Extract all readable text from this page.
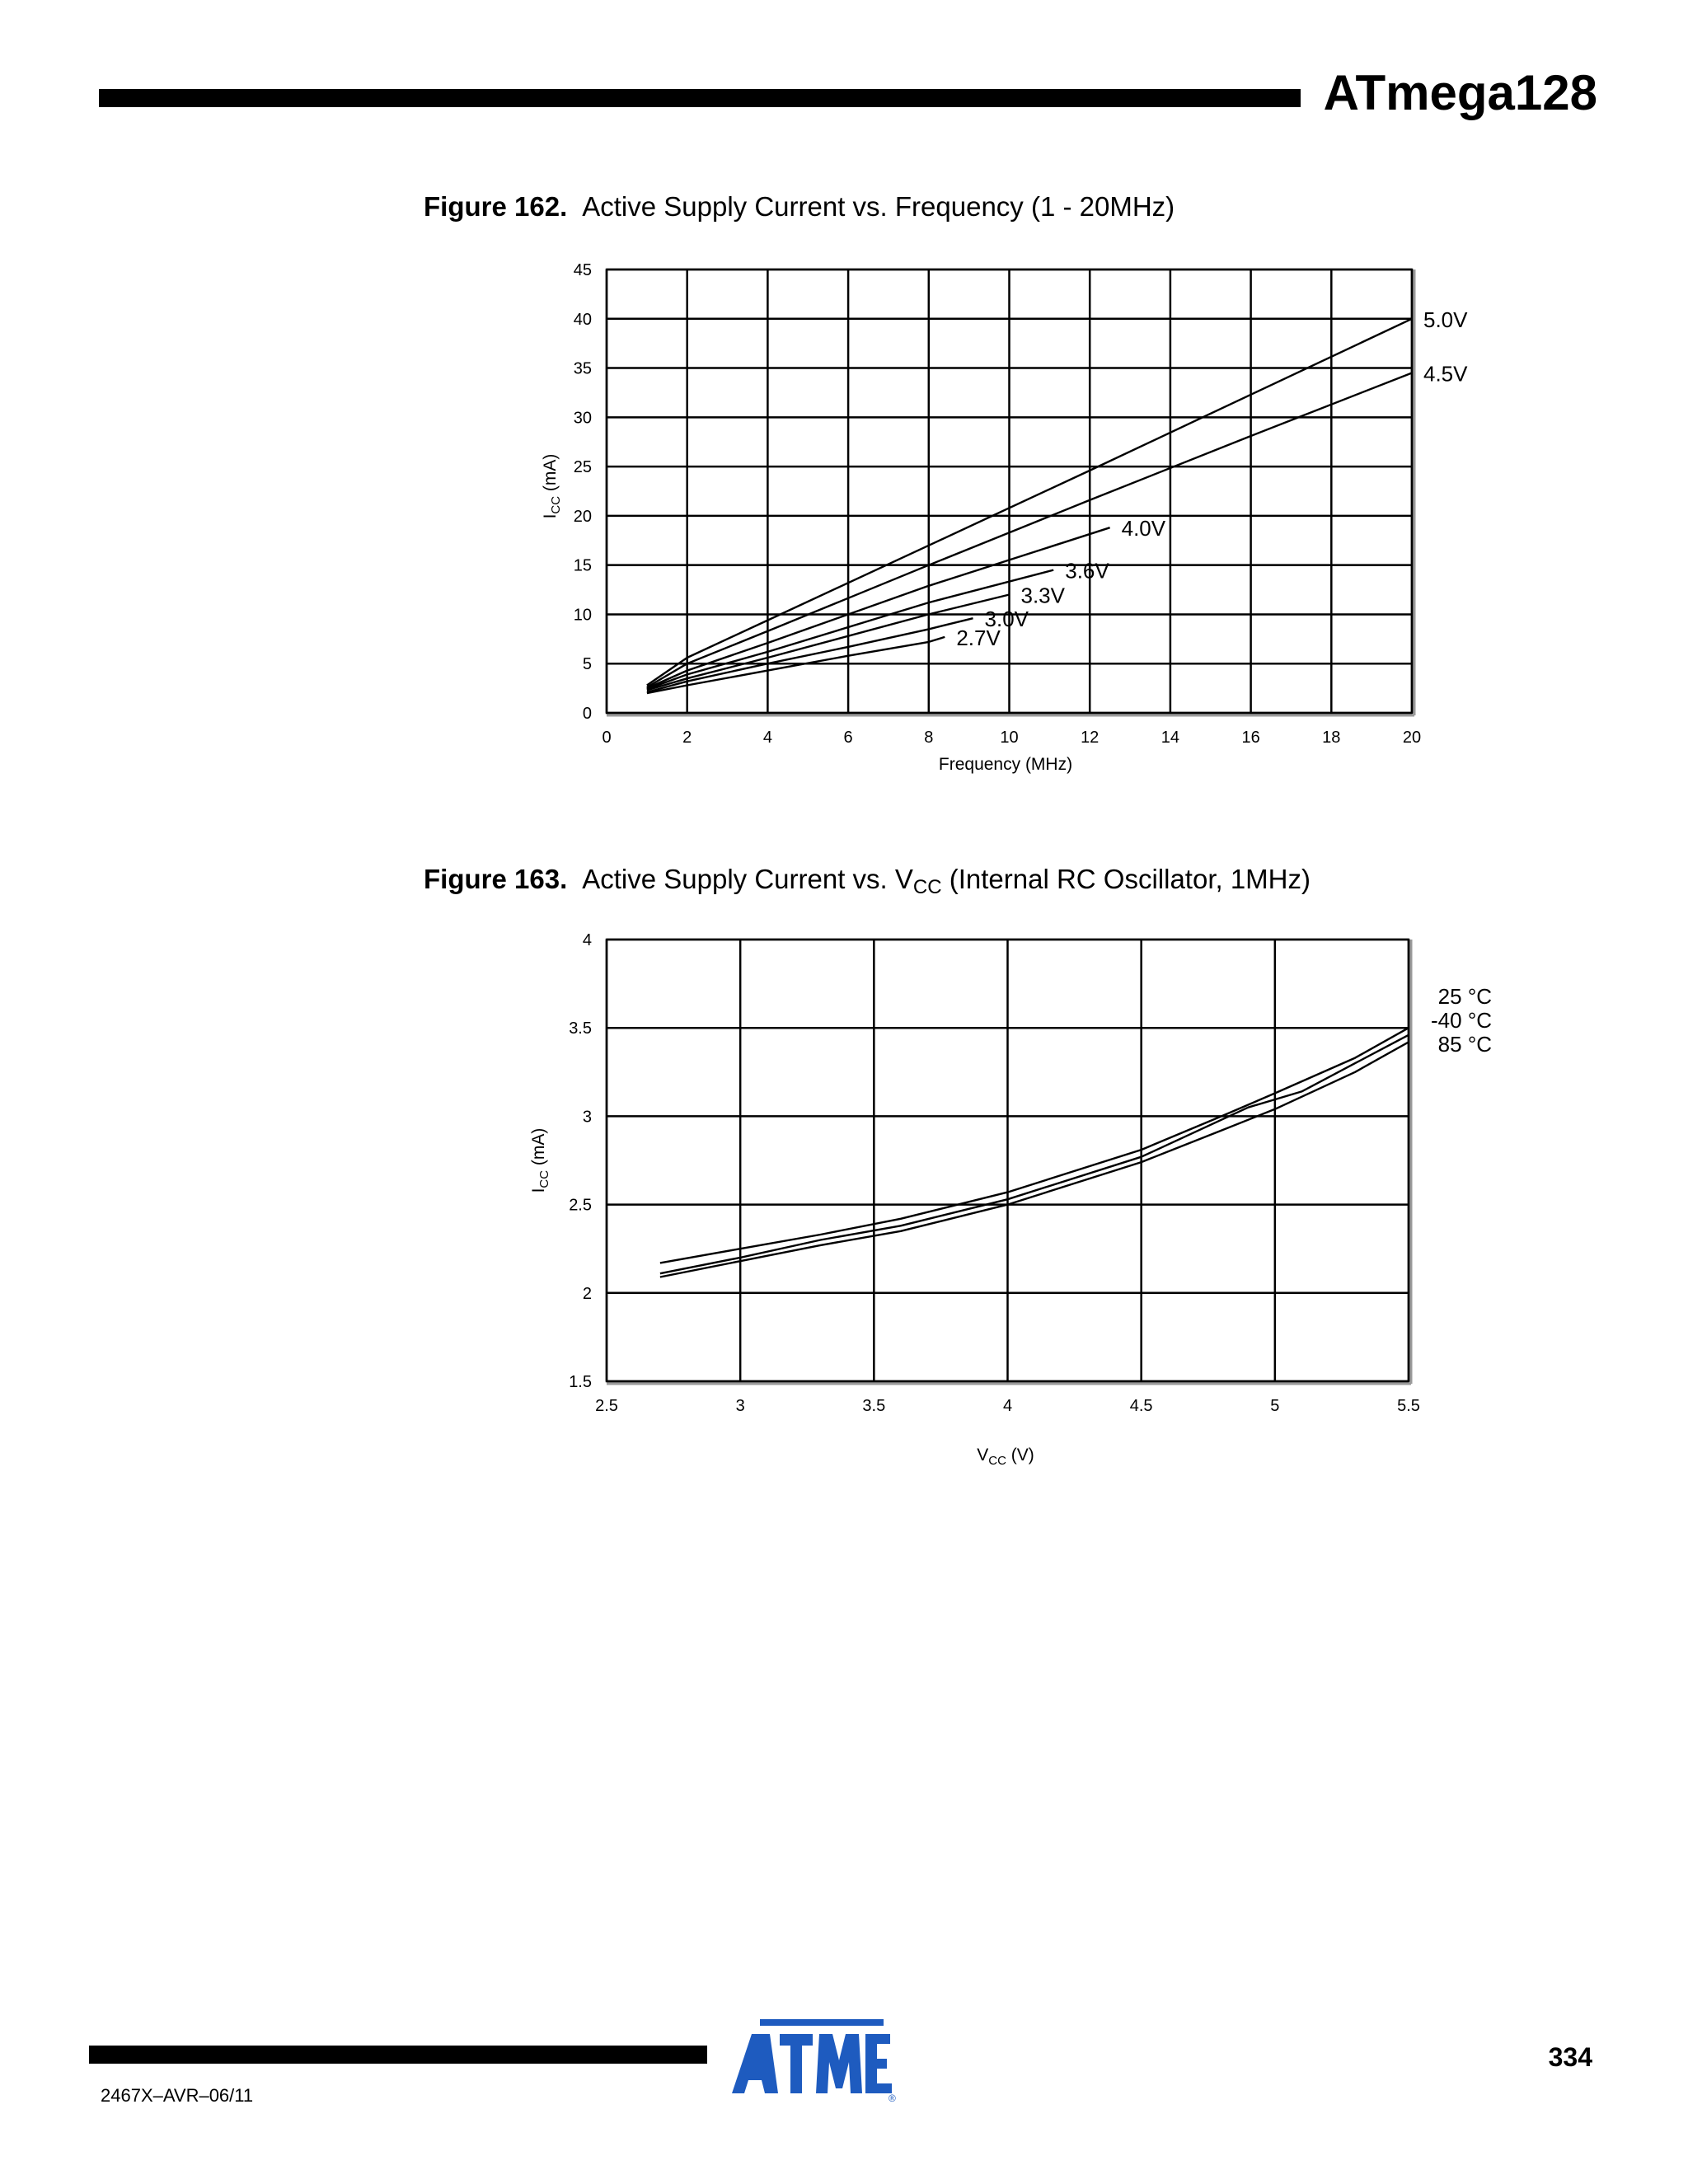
ATmega128
Figure 162. Active Supply Current vs. Frequency (1 - 20MHz)
0	2	4	6	8	10	12	14	16	18	20
0
5
10
15
20
25
30
35
40
45
5.0V
4.5V
4.0V
3.6V
3.3V
3.0V
2.7V
Frequency (MHz)
$I_{CC}$ (mA)
Figure 163. Active Supply Current vs. $V_{CC}$ (Internal RC Oscillator, 1MHz)
2.5	3	3.5	4	4.5	5	5.5
1.5
2
2.5
3
3.5
4
25 °C
-40 °C
85 °C
$V_{CC}$ (V)
$I_{CC}$ (mA)
®
ATMEL
334
2467X–AVR–06/11
